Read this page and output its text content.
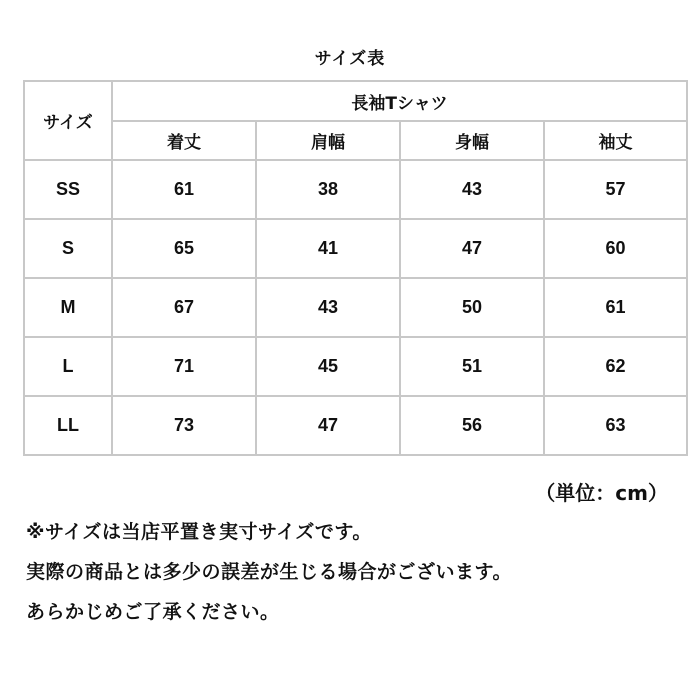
サイズ表
サイズ	長袖Tシャツ			
	着丈	肩幅	身幅	袖丈
SS	61	38	43	57
S	65	41	47	60
M	67	43	50	61
L	71	45	51	62
LL	73	47	56	63
（単位：cm）
※サイズは当店平置き実寸サイズです。
実際の商品とは多少の誤差が生じる場合がございます。
あらかじめご了承ください。
